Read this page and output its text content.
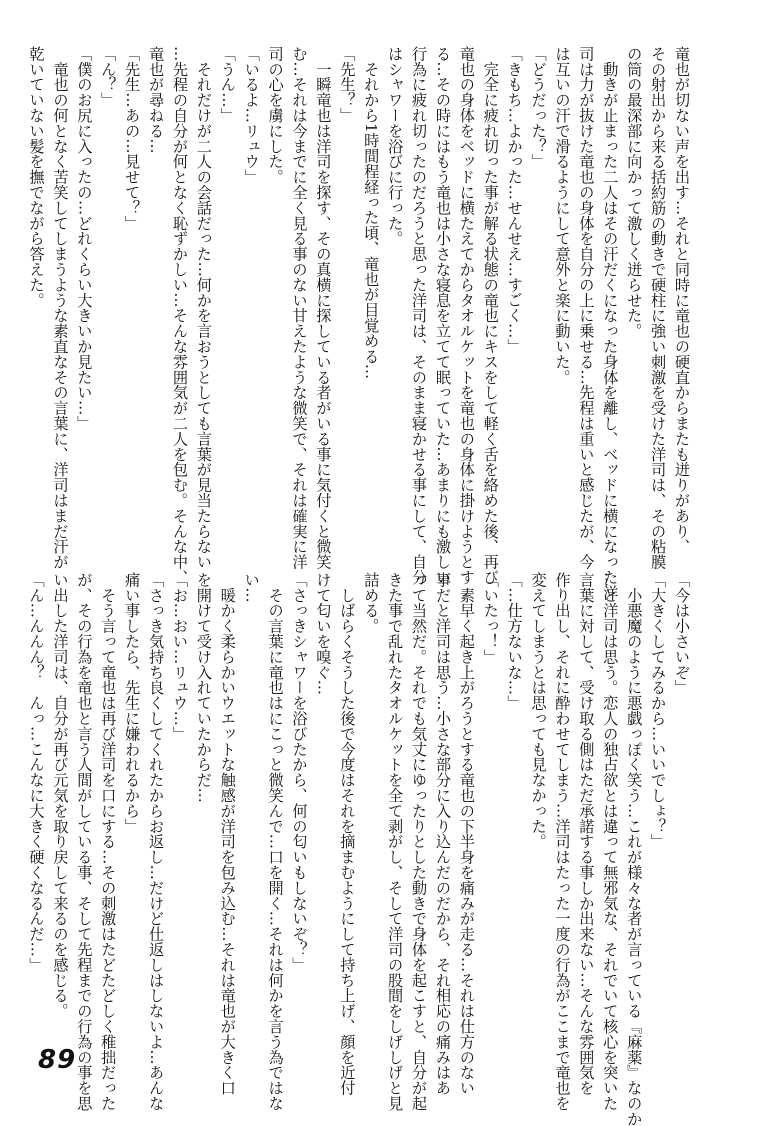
竜也が切ない声を出す…それと同時に竜也の硬直からまたも迸りがあり、
その射出から来る括約筋の動きで硬柱に強い刺激を受けた洋司は、その粘膜
の筒の最深部に向かって激しく迸らせた。
　動きが止まった二人はその汗だくになった身体を離し、ベッドに横になった洋
司は力が抜けた竜也の身体を自分の上に乗せる…先程は重いと感じたが、今
は互いの汗で滑るようにして意外と楽に動いた。
「どうだった？」
「きもち…よかった…せんせえ…すごく…」
　完全に疲れ切った事が解る状態の竜也にキスをして軽く舌を絡めた後、再び
竜也の身体をベッドに横たえてからタオルケットを竜也の身体に掛けようとす
る…その時にはもう竜也は小さな寝息を立てて眠っていた…あまりにも激しい
行為に疲れ切ったのだろうと思った洋司は、そのまま寝かせる事にして、自分
はシャワーを浴びに行った。
　それから1時間程経った頃、竜也が目覚める…
「先生？」
　一瞬竜也は洋司を探す、その真横に探している者がいる事に気付くと微笑
む…それは今までに全く見る事のない甘えたような微笑で、それは確実に洋
司の心を虜にした。
「いるよ…リュウ」
「うん…」
　それだけが二人の会話だった…何かを言おうとしても言葉が見当たらない
…先程の自分が何となく恥ずかしい…そんな雰囲気が二人を包む。そんな中、
竜也が尋ねる…
「先生…あの…見せて？」
「ん？」
「僕のお尻に入ったの…どれくらい大きいか見たい…」
　竜也の何となく苦笑してしまうような素直なその言葉に、洋司はまだ汗が
乾いていない髪を撫でながら答えた。
「今は小さいぞ」
「大きくしてみるから…いいでしょ？」
　小悪魔のように悪戯っぽく笑う…これが様々な者が言っている『麻薬』なのか
…と洋司は思う。恋人の独占欲とは違って無邪気な、それでいて核心を突いた
言葉に対して、受け取る側はただ承諾する事しか出来ない…そんな雰囲気を
作り出し、それに酔わせてしまう…洋司はたった一度の行為がここまで竜也を
変えてしまうとは思っても見なかった。
「…仕方ないな…」
「いたっ！」
　素早く起き上がろうとする竜也の下半身を痛みが走る…それは仕方のない
事だと洋司は思う…小さな部分に入り込んだのだから、それ相応の痛みはあ
って当然だ。それでも気丈にゆったりとした動きで身体を起こすと、自分が起
きた事で乱れたタオルケットを全て剥がし、そして洋司の股間をしげしげと見
詰める。
　しばらくそうした後で今度はそれを摘まむようにして持ち上げ、顔を近付
けて匂いを嗅ぐ…
「さっきシャワーを浴びたから、何の匂いもしないぞ？」
　その言葉に竜也はにこっと微笑んで…口を開く…それは何かを言う為ではな
い…
　暖かく柔らかいウエットな触感が洋司を包み込む…それは竜也が大きく口
を開けて受け入れていたからだ…
「お…おい…リュウ…」
「さっき気持ち良くしてくれたからお返し…だけど仕返しはしないよ…あんな
痛い事したら、先生に嫌われるから」
　そう言って竜也は再び洋司を口にする…その刺激はたどたどしく稚拙だった
が、その行為を竜也と言う人間がしている事、そして先程までの行為の事を思
い出した洋司は、自分が再び元気を取り戻して来るのを感じる。
「ん…んんん？　んっ…こんなに大きく硬くなるんだ…」
89
